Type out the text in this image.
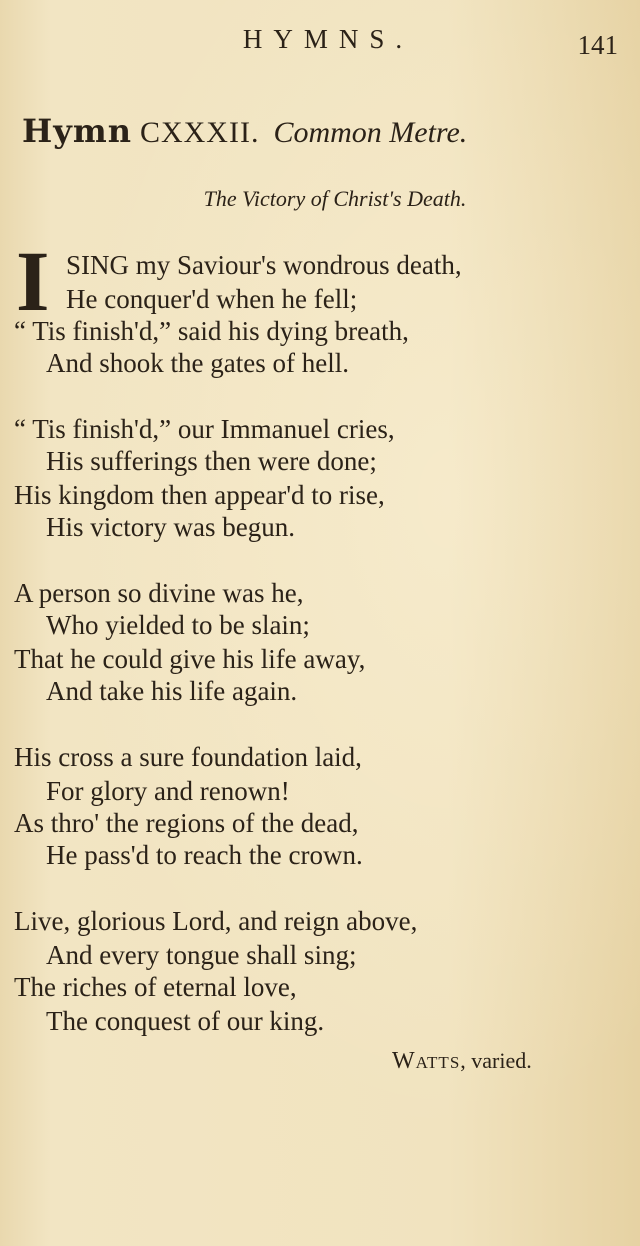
HYMNS.	141
Hymn CXXXII. Common Metre.
The Victory of Christ's Death.
I SING my Saviour's wondrous death,
He conquer'd when he fell;
“ Tis finish'd,” said his dying breath,
And shook the gates of hell.
“ Tis finish'd,” our Immanuel cries,
His sufferings then were done;
His kingdom then appear'd to rise,
His victory was begun.
A person so divine was he,
Who yielded to be slain;
That he could give his life away,
And take his life again.
His cross a sure foundation laid,
For glory and renown!
As thro' the regions of the dead,
He pass'd to reach the crown.
Live, glorious Lord, and reign above,
And every tongue shall sing;
The riches of eternal love,
The conquest of our king.
Watts, varied.
